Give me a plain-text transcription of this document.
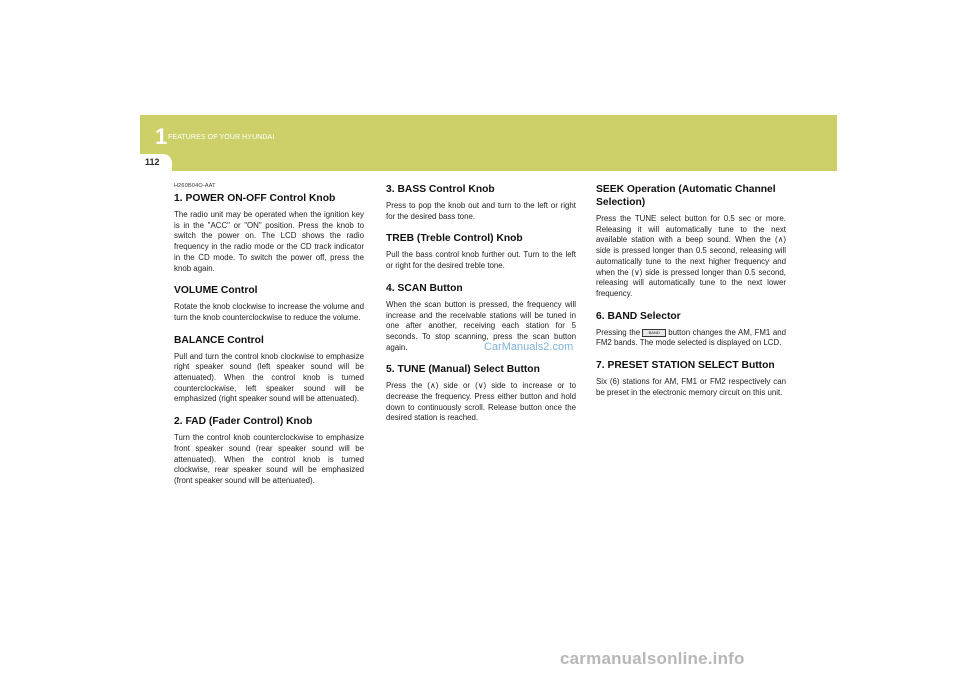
1 FEATURES OF YOUR HYUNDAI
112
H260B04O-AAT
1. POWER ON-OFF Control Knob

The radio unit may be operated when the ignition key is in the "ACC" or "ON" position. Press the knob to switch the power on. The LCD shows the radio frequency in the radio mode or the CD track indicator in the CD mode. To switch the power off, press the knob again.

VOLUME Control

Rotate the knob clockwise to increase the volume and turn the knob counterclockwise to reduce the volume.

BALANCE Control

Pull and turn the control knob clockwise to emphasize right speaker sound (left speaker sound will be attenuated). When the control knob is turned counterclockwise, left speaker sound will be emphasized (right speaker sound will be attenuated).

2. FAD (Fader Control) Knob

Turn the control knob counterclockwise to emphasize front speaker sound (rear speaker sound will be attenuated). When the control knob is turned clockwise, rear speaker sound will be emphasized (front speaker sound will be attenuated).

3. BASS Control Knob

Press to pop the knob out and turn to the left or right for the desired bass tone.

TREB (Treble Control) Knob

Pull the bass control knob further out. Turn to the left or right for the desired treble tone.

4. SCAN Button

When the scan button is pressed, the frequency will increase and the receivable stations will be tuned in one after another, receiving each station for 5 seconds. To stop scanning, press the scan button again.

5. TUNE (Manual) Select Button

Press the (∧) side or (∨) side to increase or to decrease the frequency. Press either button and hold down to continuously scroll. Release button once the desired station is reached.

SEEK Operation (Automatic Channel Selection)

Press the TUNE select button for 0.5 sec or more. Releasing it will automatically tune to the next available station with a beep sound. When the (∧) side is pressed longer than 0.5 second, releasing will automatically tune to the next higher frequency and when the (∨) side is pressed longer than 0.5 second, releasing will automatically tune to the next lower frequency.

6. BAND Selector

Pressing the BAND button changes the AM, FM1 and FM2 bands. The mode selected is displayed on LCD.

7. PRESET STATION SELECT Button

Six (6) stations for AM, FM1 or FM2 respectively can be preset in the electronic memory circuit on this unit.

CarManuals2.com
carmanualsonline.info
